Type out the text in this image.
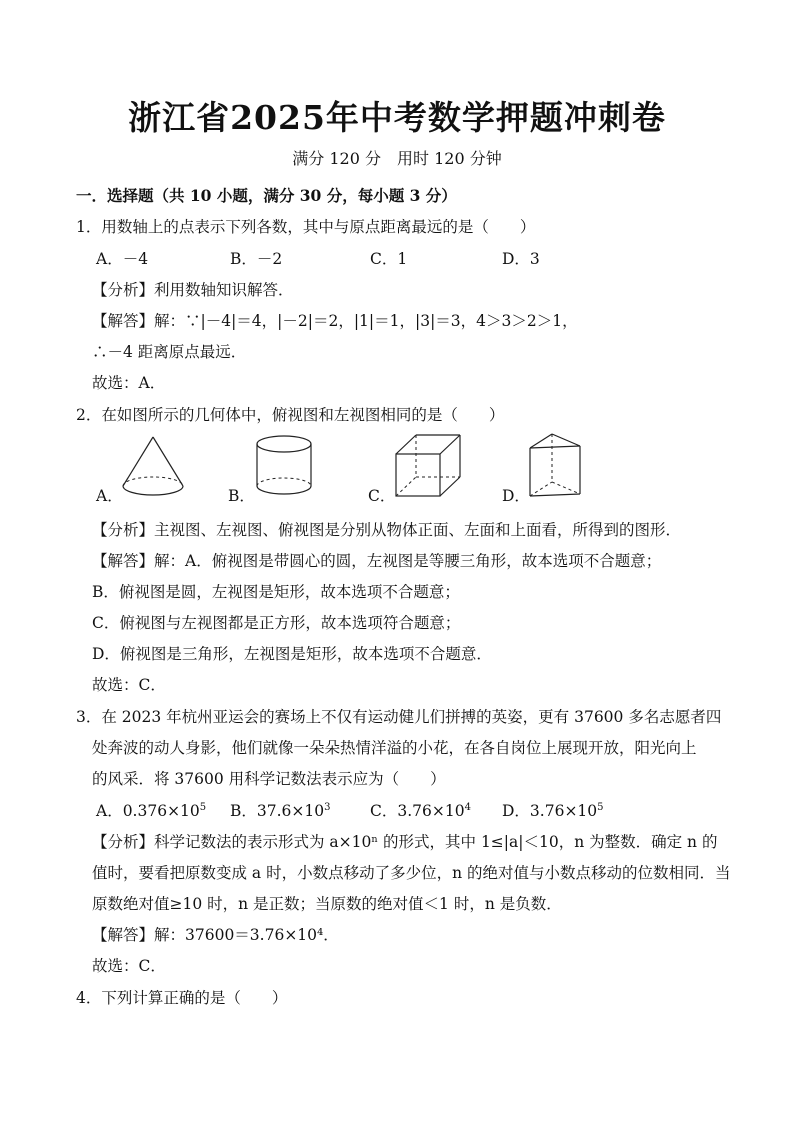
浙江省2025年中考数学押题冲刺卷
满分 120 分　用时 120 分钟
一．选择题（共 10 小题，满分 30 分，每小题 3 分）
1．用数轴上的点表示下列各数，其中与原点距离最远的是（　　）
A．－4	B．－2	C．1	D．3
【分析】利用数轴知识解答．
【解答】解：∵|－4|＝4，|－2|＝2，|1|＝1，|3|＝3，4＞3＞2＞1，
∴－4 距离原点最远．
故选：A．
2．在如图所示的几何体中，俯视图和左视图相同的是（　　）
A．	B．	C．	D．
【分析】主视图、左视图、俯视图是分别从物体正面、左面和上面看，所得到的图形．
【解答】解：A．俯视图是带圆心的圆，左视图是等腰三角形，故本选项不合题意；
B．俯视图是圆，左视图是矩形，故本选项不合题意；
C．俯视图与左视图都是正方形，故本选项符合题意；
D．俯视图是三角形，左视图是矩形，故本选项不合题意．
故选：C．
3．在 2023 年杭州亚运会的赛场上不仅有运动健儿们拼搏的英姿，更有 37600 多名志愿者四
处奔波的动人身影，他们就像一朵朵热情洋溢的小花，在各自岗位上展现开放，阳光向上
的风采．将 37600 用科学记数法表示应为（　　）
A．$0.376\times 10^5$ B．$37.6\times 10^3$	C．$3.76\times 10^4$ D．$3.76\times 10^5$
【分析】科学记数法的表示形式为 a×10ⁿ 的形式，其中 1≤|a|＜10，n 为整数．确定 n 的
值时，要看把原数变成 a 时，小数点移动了多少位，n 的绝对值与小数点移动的位数相同．当
原数绝对值≥10 时，n 是正数；当原数的绝对值＜1 时，n 是负数．
【解答】解：37600＝3.76×10⁴．
故选：C．
4．下列计算正确的是（　　）
